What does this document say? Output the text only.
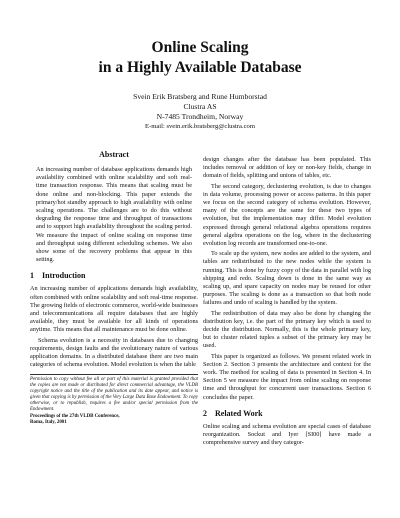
Online Scaling
in a Highly Available Database
Svein Erik Bratsberg and Rune Humborstad
Clustra AS
N-7485 Trondheim, Norway
E-mail: svein.erik.bratsberg@clustra.com
Abstract
An increasing number of database applications demands high availability combined with online scalability and soft real-time transaction response. This means that scaling must be done online and non-blocking. This paper extends the primary/hot standby approach to high availability with online scaling operations. The challenges are to do this without degrading the response time and throughput of transactions and to support high availability throughout the scaling period. We measure the impact of online scaling on response time and throughput using different scheduling schemes. We also show some of the recovery problems that appear in this setting.
1 Introduction

An increasing number of applications demands high availability, often combined with online scalability and soft real-time response. The growing fields of electronic commerce, world-wide businesses and telecommunications all require databases that are highly available, they must be available for all kinds of operations anytime. This means that all maintenance must be done online.

Schema evolution is a necessity in databases due to changing requirements, design faults and the evolutionary nature of various application domains. In a distributed database there are two main categories of schema evolution. Model evolution is when the table

Permission to copy without fee all or part of this material is granted provided that the copies are not made or distributed for direct commercial advantage, the VLDB copyright notice and the title of the publication and its date appear, and notice is given that copying is by permission of the Very Large Data Base Endowment. To copy otherwise, or to republish, requires a fee and/or special permission from the Endowment.
Proceedings of the 27th VLDB Conference,
Roma, Italy, 2001

design changes after the database has been populated. This includes removal or addition of key or non-key fields, change in domain of fields, splitting and unions of tables, etc.

The second category, declustering evolution, is due to changes in data volume, processing power or access patterns. In this paper we focus on the second category of schema evolution. However, many of the concepts are the same for these two types of evolution, but the implementation may differ. Model evolution expressed through general relational algebra operations requires general algebra operations on the log, where in the declustering evolution log records are transformed one-to-one.

To scale up the system, new nodes are added to the system, and tables are redistributed to the new nodes while the system is running. This is done by fuzzy copy of the data in parallel with log shipping and redo. Scaling down is done in the same way as scaling up, and spare capacity on nodes may be reused for other purposes. The scaling is done as a transaction so that both node failures and undo of scaling is handled by the system.

The redistribution of data may also be done by changing the distribution key, i.e. the part of the primary key which is used to decide the distribution. Normally, this is the whole primary key, but to cluster related tuples a subset of the primary key may be used.

This paper is organized as follows. We present related work in Section 2. Section 3 presents the architecture and context for the work. The method for scaling of data is presented in Section 4. In Section 5 we measure the impact from online scaling on response time and throughput for concurrent user transactions. Section 6 concludes the paper.

2 Related Work

Online scaling and schema evolution are special cases of database reorganization. Sockut and Iyer [SI00] have made a comprehensive survey and they categor-
